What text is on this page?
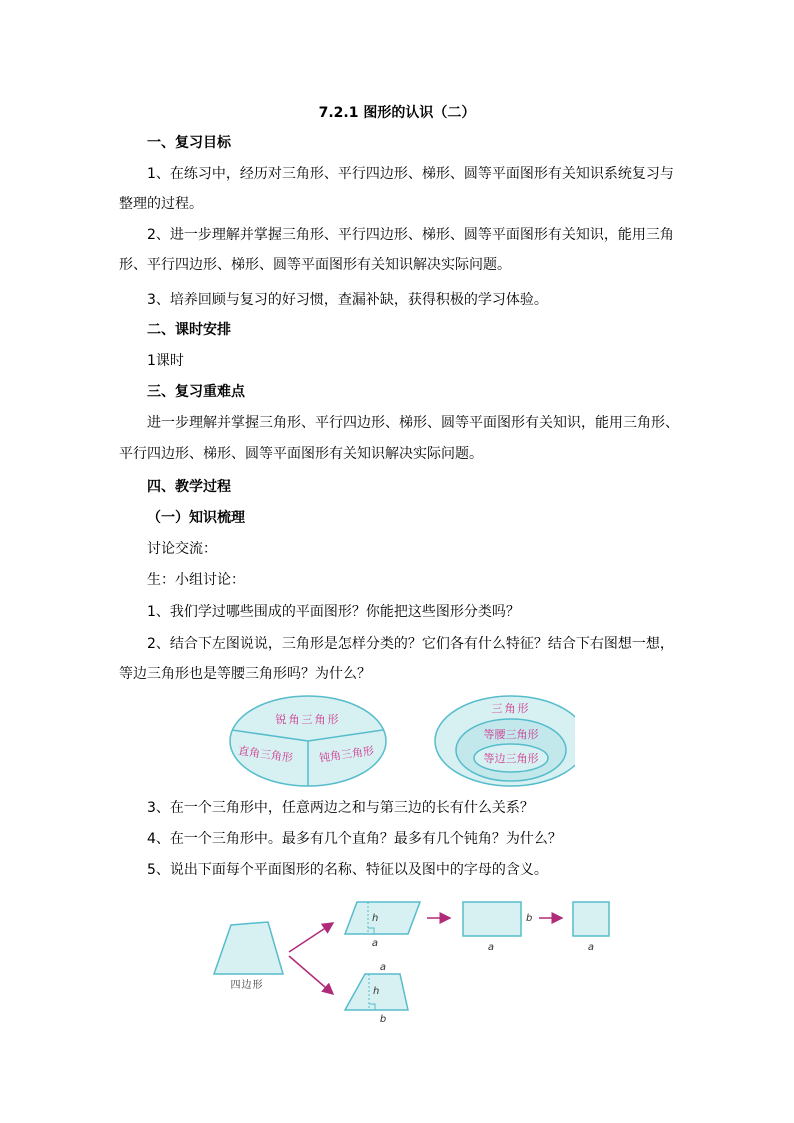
7.2.1 图形的认识（二）
一、复习目标
1、在练习中，经历对三角形、平行四边形、梯形、圆等平面图形有关知识系统复习与
整理的过程。
2、进一步理解并掌握三角形、平行四边形、梯形、圆等平面图形有关知识，能用三角
形、平行四边形、梯形、圆等平面图形有关知识解决实际问题。
3、培养回顾与复习的好习惯，查漏补缺，获得积极的学习体验。
二、课时安排
1课时
三、复习重难点
进一步理解并掌握三角形、平行四边形、梯形、圆等平面图形有关知识，能用三角形、
平行四边形、梯形、圆等平面图形有关知识解决实际问题。
四、教学过程
（一）知识梳理
讨论交流：
生：小组讨论：
1、我们学过哪些围成的平面图形？你能把这些图形分类吗？
2、结合下左图说说，三角形是怎样分类的？它们各有什么特征？结合下右图想一想，
等边三角形也是等腰三角形吗？为什么？
锐角三角形
直角三角形 钝角三角形
三角形
等腰三角形
等边三角形
3、在一个三角形中，任意两边之和与第三边的长有什么关系？
4、在一个三角形中。最多有几个直角？最多有几个钝角？为什么？
5、说出下面每个平面图形的名称、特征以及图中的字母的含义。
四边形
h
a	a
b
a
a
h
b
